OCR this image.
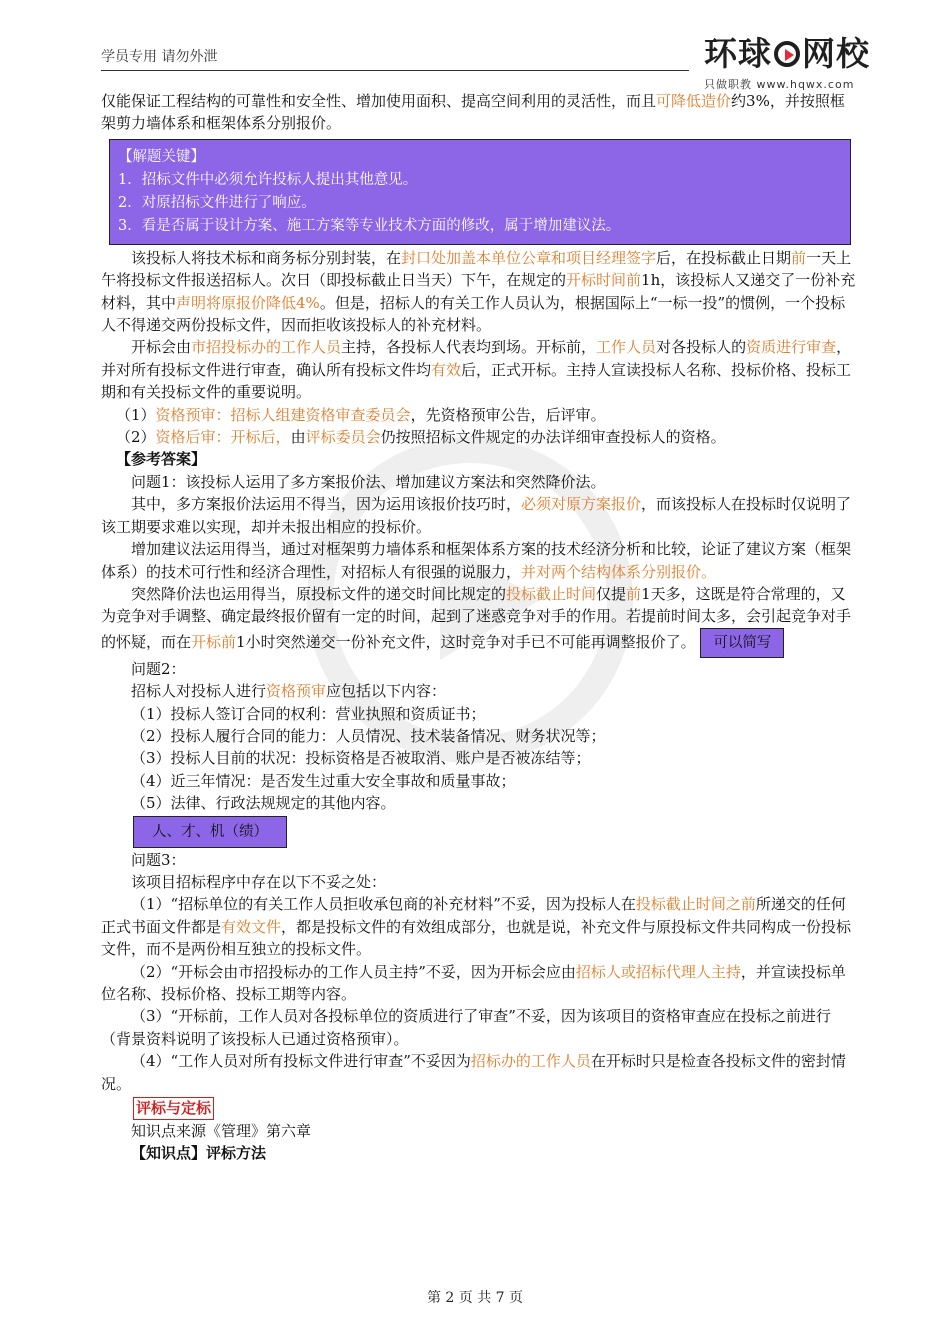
学员专用 请勿外泄	环球 网校
只做职教 www.hqwx.com

仅能保证工程结构的可靠性和安全性、增加使用面积、提高空间利用的灵活性，而且可降低造价约3%，并按照框架剪力墙体系和框架体系分别报价。

【解题关键】
1．招标文件中必须允许投标人提出其他意见。
2．对原招标文件进行了响应。
3．看是否属于设计方案、施工方案等专业技术方面的修改，属于增加建议法。

该投标人将技术标和商务标分别封装，在封口处加盖本单位公章和项目经理签字后，在投标截止日期前一天上午将投标文件报送招标人。次日（即投标截止日当天）下午，在规定的开标时间前1h，该投标人又递交了一份补充材料，其中声明将原报价降低4%。但是，招标人的有关工作人员认为，根据国际上“一标一投”的惯例，一个投标人不得递交两份投标文件，因而拒收该投标人的补充材料。

开标会由市招投标办的工作人员主持，各投标人代表均到场。开标前，工作人员对各投标人的资质进行审查，并对所有投标文件进行审查，确认所有投标文件均有效后，正式开标。主持人宣读投标人名称、投标价格、投标工期和有关投标文件的重要说明。

（1）资格预审：招标人组建资格审查委员会，先资格预审公告，后评审。

（2）资格后审：开标后，由评标委员会仍按照招标文件规定的办法详细审查投标人的资格。

【参考答案】

问题1：该投标人运用了多方案报价法、增加建议方案法和突然降价法。

其中，多方案报价法运用不得当，因为运用该报价技巧时，必须对原方案报价，而该投标人在投标时仅说明了该工期要求难以实现，却并未报出相应的投标价。

增加建议法运用得当，通过对框架剪力墙体系和框架体系方案的技术经济分析和比较，论证了建议方案（框架体系）的技术可行性和经济合理性，对招标人有很强的说服力，并对两个结构体系分别报价。

突然降价法也运用得当，原投标文件的递交时间比规定的投标截止时间仅提前1天多，这既是符合常理的，又为竞争对手调整、确定最终报价留有一定的时间，起到了迷惑竞争对手的作用。若提前时间太多，会引起竞争对手的怀疑，而在开标前1小时突然递交一份补充文件，这时竞争对手已不可能再调整报价了。 可以简写

问题2：

招标人对投标人进行资格预审应包括以下内容：

（1）投标人签订合同的权利：营业执照和资质证书；

（2）投标人履行合同的能力：人员情况、技术装备情况、财务状况等；

（3）投标人目前的状况：投标资格是否被取消、账户是否被冻结等；

（4）近三年情况：是否发生过重大安全事故和质量事故；

（5）法律、行政法规规定的其他内容。

人、才、机（绩）

问题3：

该项目招标程序中存在以下不妥之处：

（1）“招标单位的有关工作人员拒收承包商的补充材料”不妥，因为投标人在投标截止时间之前所递交的任何正式书面文件都是有效文件，都是投标文件的有效组成部分，也就是说，补充文件与原投标文件共同构成一份投标文件，而不是两份相互独立的投标文件。

（2）“开标会由市招投标办的工作人员主持”不妥，因为开标会应由招标人或招标代理人主持，并宣读投标单位名称、投标价格、投标工期等内容。

（3）“开标前，工作人员对各投标单位的资质进行了审查”不妥，因为该项目的资格审查应在投标之前进行（背景资料说明了该投标人已通过资格预审）。

（4）“工作人员对所有投标文件进行审查”不妥因为招标办的工作人员在开标时只是检查各投标文件的密封情况。

评标与定标

知识点来源《管理》第六章

【知识点】评标方法

第 2 页 共 7 页
